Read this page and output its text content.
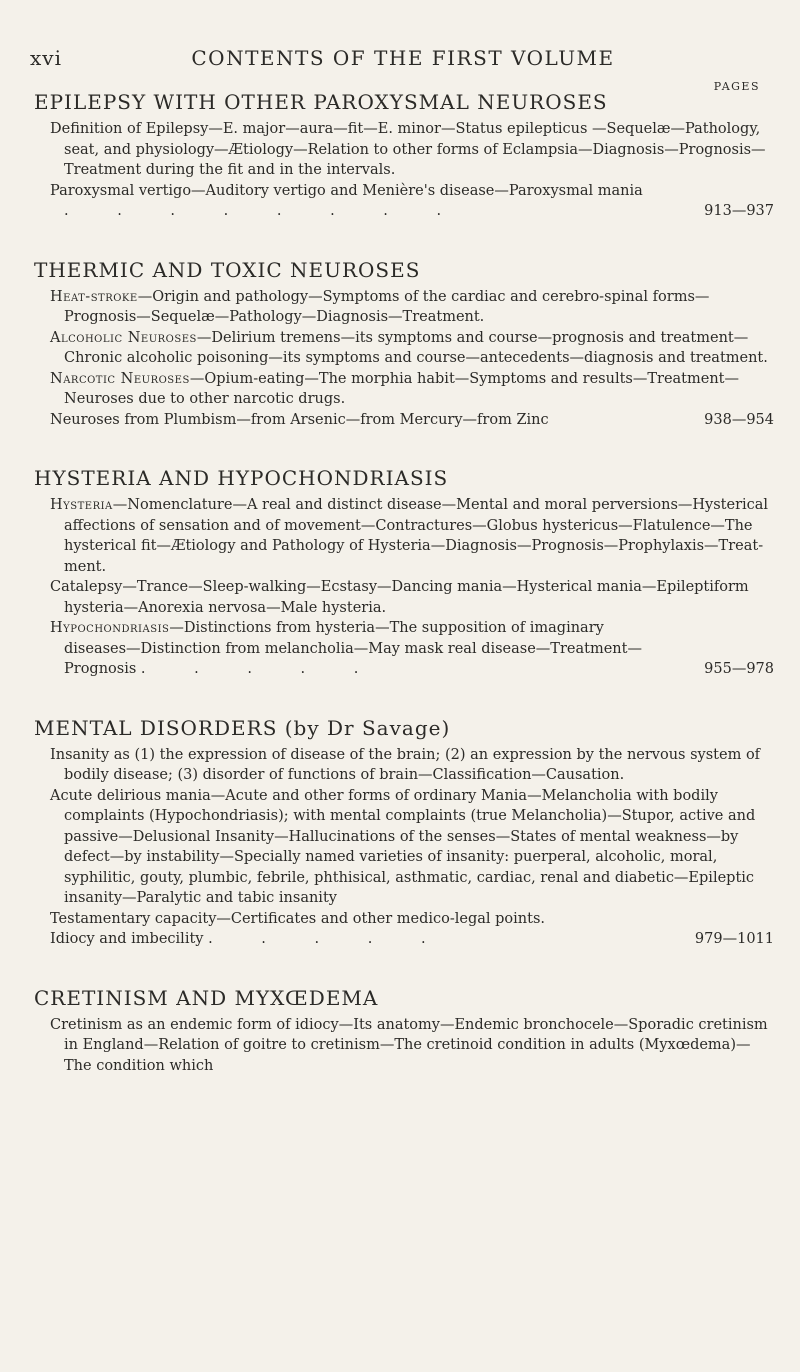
xvi	CONTENTS OF THE FIRST VOLUME
PAGES
EPILEPSY WITH OTHER PAROXYSMAL NEUROSES

Definition of Epilepsy—E. major—aura—fit—E. minor—Status epilepticus —Sequelæ—Pathology, seat, and physiology—Ætiology—Relation to other forms of Eclampsia—Diagnosis—Prognosis—Treatment during the fit and in the intervals.

Paroxysmal vertigo—Auditory vertigo and Menière's disease—Paroxysmal mania . . . . . . . .	913—937
THERMIC AND TOXIC NEUROSES

Heat-stroke—Origin and pathology—Symptoms of the cardiac and cerebro-spinal forms—Prognosis—Sequelæ—Pathology—Diagnosis—Treatment.

Alcoholic Neuroses—Delirium tremens—its symptoms and course—prognosis and treatment—Chronic alcoholic poisoning—its symptoms and course—antecedents—diagnosis and treatment.

Narcotic Neuroses—Opium-eating—The morphia habit—Symptoms and results—Treatment—Neuroses due to other narcotic drugs.

Neuroses from Plumbism—from Arsenic—from Mercury—from Zinc	938—954
HYSTERIA AND HYPOCHONDRIASIS

Hysteria—Nomenclature—A real and distinct disease—Mental and moral perversions—Hysterical affections of sensation and of movement—Contractures—Globus hystericus—Flatulence—The hysterical fit—Ætiology and Pathology of Hysteria—Diagnosis—Prognosis—Prophylaxis—Treatment.

Catalepsy—Trance—Sleep-walking—Ecstasy—Dancing mania—Hysterical mania—Epileptiform hysteria—Anorexia nervosa—Male hysteria.

Hypochondriasis—Distinctions from hysteria—The supposition of imaginary diseases—Distinction from melancholia—May mask real disease—Treatment—Prognosis . . . . .	955—978
MENTAL DISORDERS (by Dr Savage)

Insanity as (1) the expression of disease of the brain; (2) an expression by the nervous system of bodily disease; (3) disorder of functions of brain—Classification—Causation.

Acute delirious mania—Acute and other forms of ordinary Mania—Melancholia with bodily complaints (Hypochondriasis); with mental complaints (true Melancholia)—Stupor, active and passive—Delusional Insanity—Hallucinations of the senses—States of mental weakness—by defect—by instability—Specially named varieties of insanity: puerperal, alcoholic, moral, syphilitic, gouty, plumbic, febrile, phthisical, asthmatic, cardiac, renal and diabetic—Epileptic insanity—Paralytic and tabic insanity

Testamentary capacity—Certificates and other medico-legal points.

Idiocy and imbecility . . . . .	979—1011
CRETINISM AND MYXŒDEMA

Cretinism as an endemic form of idiocy—Its anatomy—Endemic bronchocele—Sporadic cretinism in England—Relation of goitre to cretinism—The cretinoid condition in adults (Myxœdema)—The condition which
